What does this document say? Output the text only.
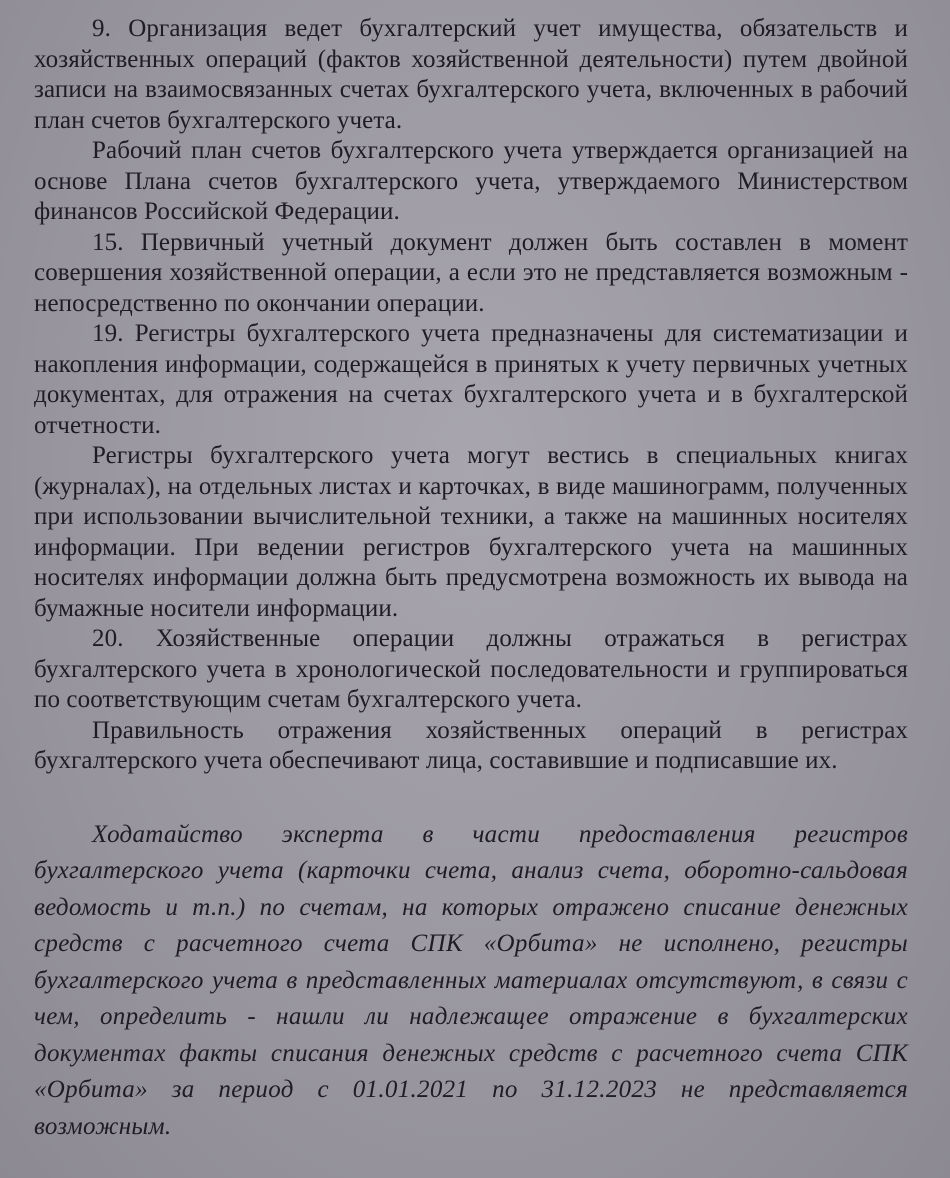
9. Организация ведет бухгалтерский учет имущества, обязательств и хозяйственных операций (фактов хозяйственной деятельности) путем двойной записи на взаимосвязанных счетах бухгалтерского учета, включенных в рабочий план счетов бухгалтерского учета.

Рабочий план счетов бухгалтерского учета утверждается организацией на основе Плана счетов бухгалтерского учета, утверждаемого Министерством финансов Российской Федерации.

15. Первичный учетный документ должен быть составлен в момент совершения хозяйственной операции, а если это не представляется возможным - непосредственно по окончании операции.

19. Регистры бухгалтерского учета предназначены для систематизации и накопления информации, содержащейся в принятых к учету первичных учетных документах, для отражения на счетах бухгалтерского учета и в бухгалтерской отчетности.

Регистры бухгалтерского учета могут вестись в специальных книгах (журналах), на отдельных листах и карточках, в виде машинограмм, полученных при использовании вычислительной техники, а также на машинных носителях информации. При ведении регистров бухгалтерского учета на машинных носителях информации должна быть предусмотрена возможность их вывода на бумажные носители информации.

20. Хозяйственные операции должны отражаться в регистрах бухгалтерского учета в хронологической последовательности и группироваться по соответствующим счетам бухгалтерского учета.

Правильность отражения хозяйственных операций в регистрах бухгалтерского учета обеспечивают лица, составившие и подписавшие их.

Ходатайство эксперта в части предоставления регистров бухгалтерского учета (карточки счета, анализ счета, оборотно-сальдовая ведомость и т.п.) по счетам, на которых отражено списание денежных средств с расчетного счета СПК «Орбита» не исполнено, регистры бухгалтерского учета в представленных материалах отсутствуют, в связи с чем, определить - нашли ли надлежащее отражение в бухгалтерских документах факты списания денежных средств с расчетного счета СПК «Орбита» за период с 01.01.2021 по 31.12.2023 не представляется возможным.
